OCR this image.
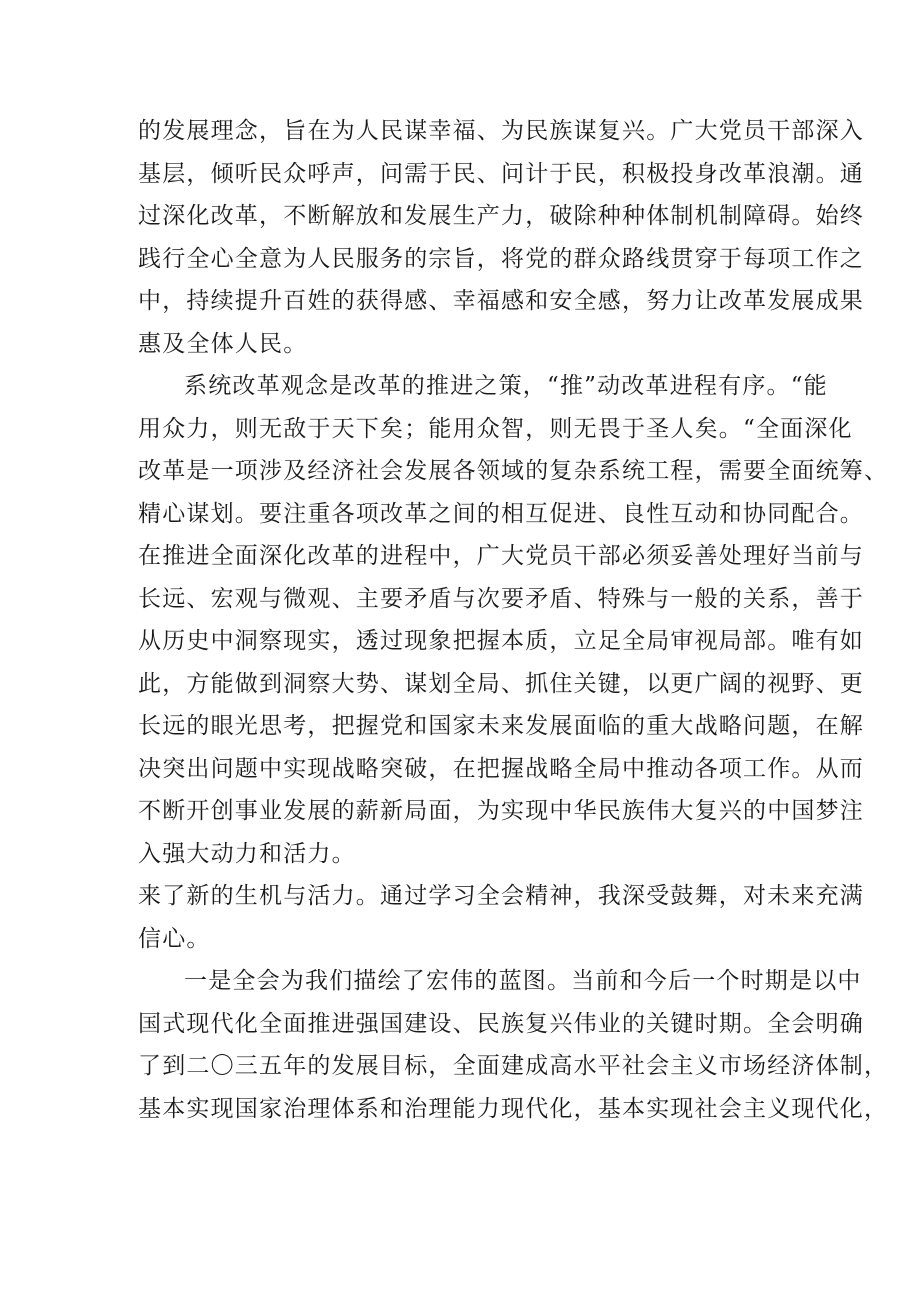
的发展理念，旨在为人民谋幸福、为民族谋复兴。广大党员干部深入
基层，倾听民众呼声，问需于民、问计于民，积极投身改革浪潮。通
过深化改革，不断解放和发展生产力，破除种种体制机制障碍。始终
践行全心全意为人民服务的宗旨，将党的群众路线贯穿于每项工作之
中，持续提升百姓的获得感、幸福感和安全感，努力让改革发展成果
惠及全体人民。
系统改革观念是改革的推进之策，“推”动改革进程有序。“能
用众力，则无敌于天下矣；能用众智，则无畏于圣人矣。“全面深化
改革是一项涉及经济社会发展各领域的复杂系统工程，需要全面统筹、
精心谋划。要注重各项改革之间的相互促进、良性互动和协同配合。
在推进全面深化改革的进程中，广大党员干部必须妥善处理好当前与
长远、宏观与微观、主要矛盾与次要矛盾、特殊与一般的关系，善于
从历史中洞察现实，透过现象把握本质，立足全局审视局部。唯有如
此，方能做到洞察大势、谋划全局、抓住关键，以更广阔的视野、更
长远的眼光思考，把握党和国家未来发展面临的重大战略问题，在解
决突出问题中实现战略突破，在把握战略全局中推动各项工作。从而
不断开创事业发展的薪新局面，为实现中华民族伟大复兴的中国梦注
入强大动力和活力。
来了新的生机与活力。通过学习全会精神，我深受鼓舞，对未来充满
信心。
一是全会为我们描绘了宏伟的蓝图。当前和今后一个时期是以中
国式现代化全面推进强国建设、民族复兴伟业的关键时期。全会明确
了到二〇三五年的发展目标，全面建成高水平社会主义市场经济体制，
基本实现国家治理体系和治理能力现代化，基本实现社会主义现代化，
